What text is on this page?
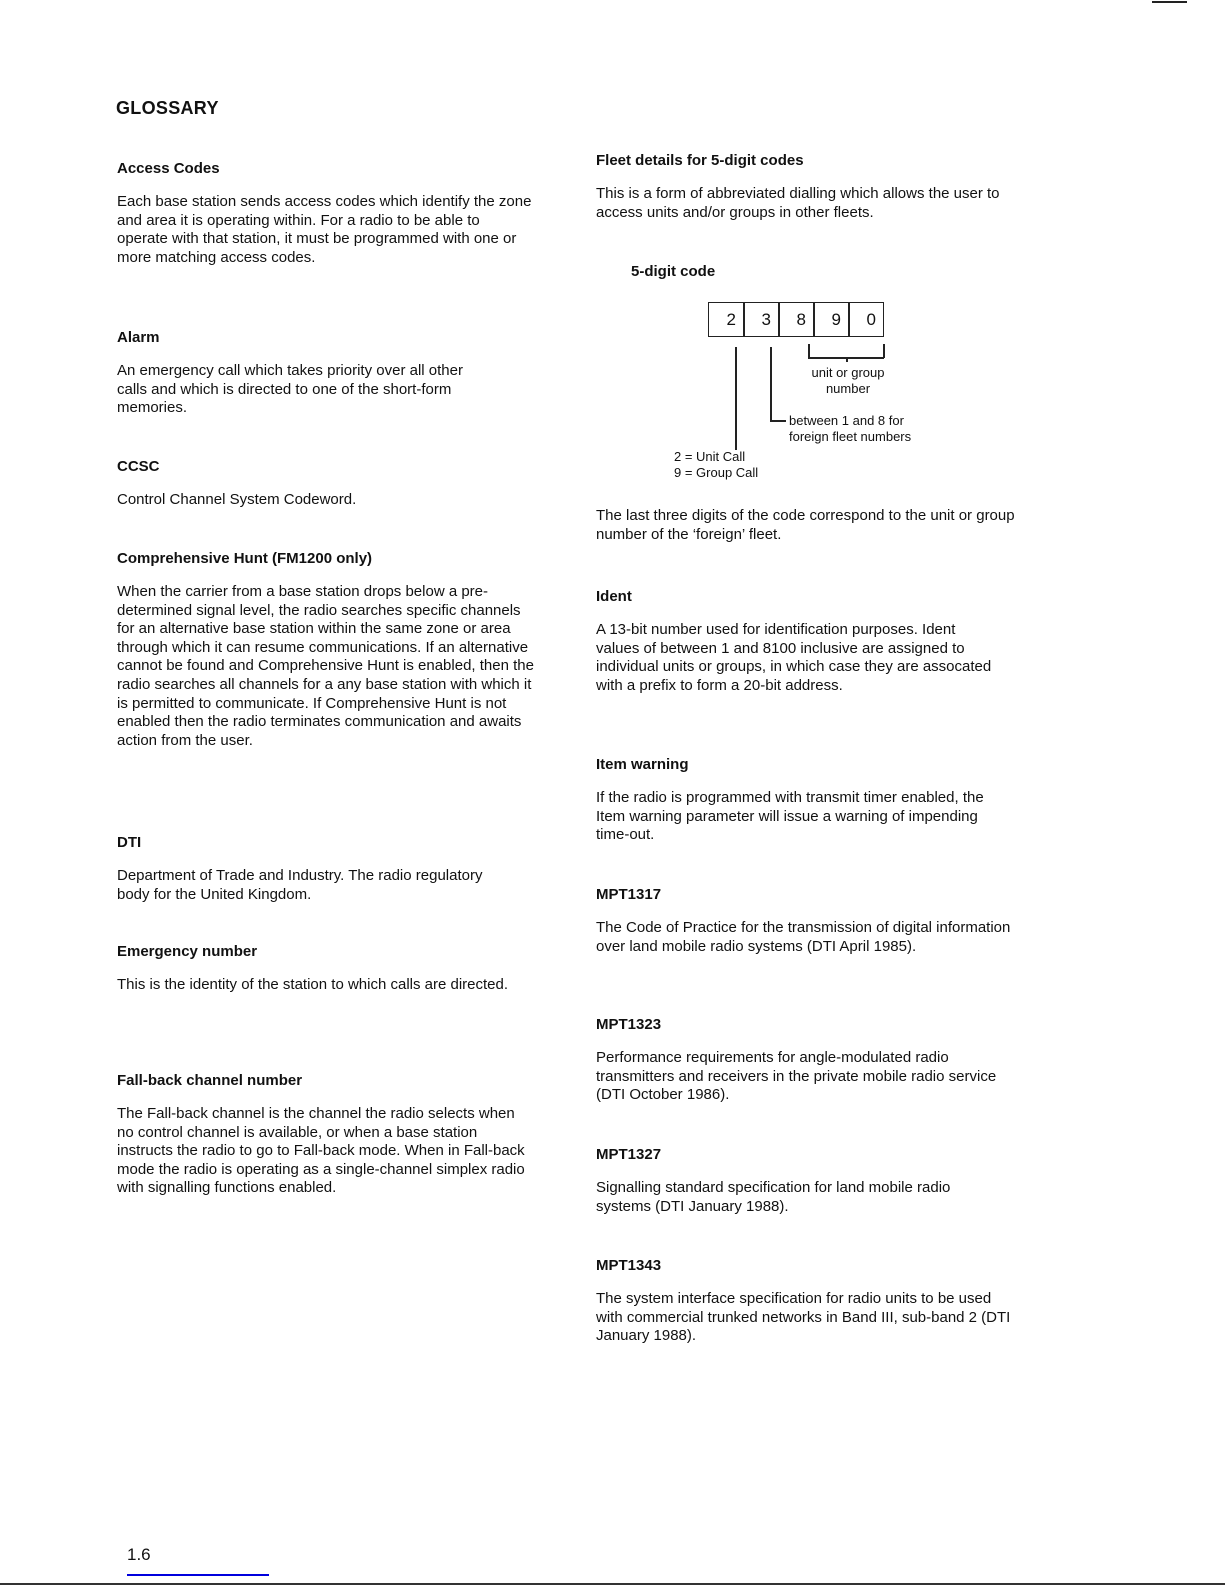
GLOSSARY
Access Codes

Each base station sends access codes which identify the zone and area it is operating within. For a radio to be able to operate with that station, it must be programmed with one or more matching access codes.

Alarm

An emergency call which takes priority over all other calls and which is directed to one of the short-form memories.

CCSC

Control Channel System Codeword.

Comprehensive Hunt (FM1200 only)

When the carrier from a base station drops below a pre-determined signal level, the radio searches specific channels for an alternative base station within the same zone or area through which it can resume communications. If an alternative cannot be found and Comprehensive Hunt is enabled, then the radio searches all channels for a any base station with which it is permitted to communicate. If Comprehensive Hunt is not enabled then the radio terminates communication and awaits action from the user.

DTI

Department of Trade and Industry. The radio regulatory body for the United Kingdom.

Emergency number

This is the identity of the station to which calls are directed.

Fall-back channel number

The Fall-back channel is the channel the radio selects when no control channel is available, or when a base station instructs the radio to go to Fall-back mode. When in Fall-back mode the radio is operating as a single-channel simplex radio with signalling functions enabled.

Fleet details for 5-digit codes

This is a form of abbreviated dialling which allows the user to access units and/or groups in other fleets.

5-digit code
2	3	8	9	0
unit or group
number
between 1 and 8 for
foreign fleet numbers
2 = Unit Call
9 = Group Call

The last three digits of the code correspond to the unit or group number of the ‘foreign’ fleet.

Ident

A 13-bit number used for identification purposes. Ident values of between 1 and 8100 inclusive are assigned to individual units or groups, in which case they are assocated with a prefix to form a 20-bit address.

Item warning

If the radio is programmed with transmit timer enabled, the Item warning parameter will issue a warning of impending time-out.

MPT1317

The Code of Practice for the transmission of digital information over land mobile radio systems (DTI April 1985).

MPT1323

Performance requirements for angle-modulated radio transmitters and receivers in the private mobile radio service (DTI October 1986).

MPT1327

Signalling standard specification for land mobile radio systems (DTI January 1988).

MPT1343

The system interface specification for radio units to be used with commercial trunked networks in Band III, sub-band 2 (DTI January 1988).

1.6
